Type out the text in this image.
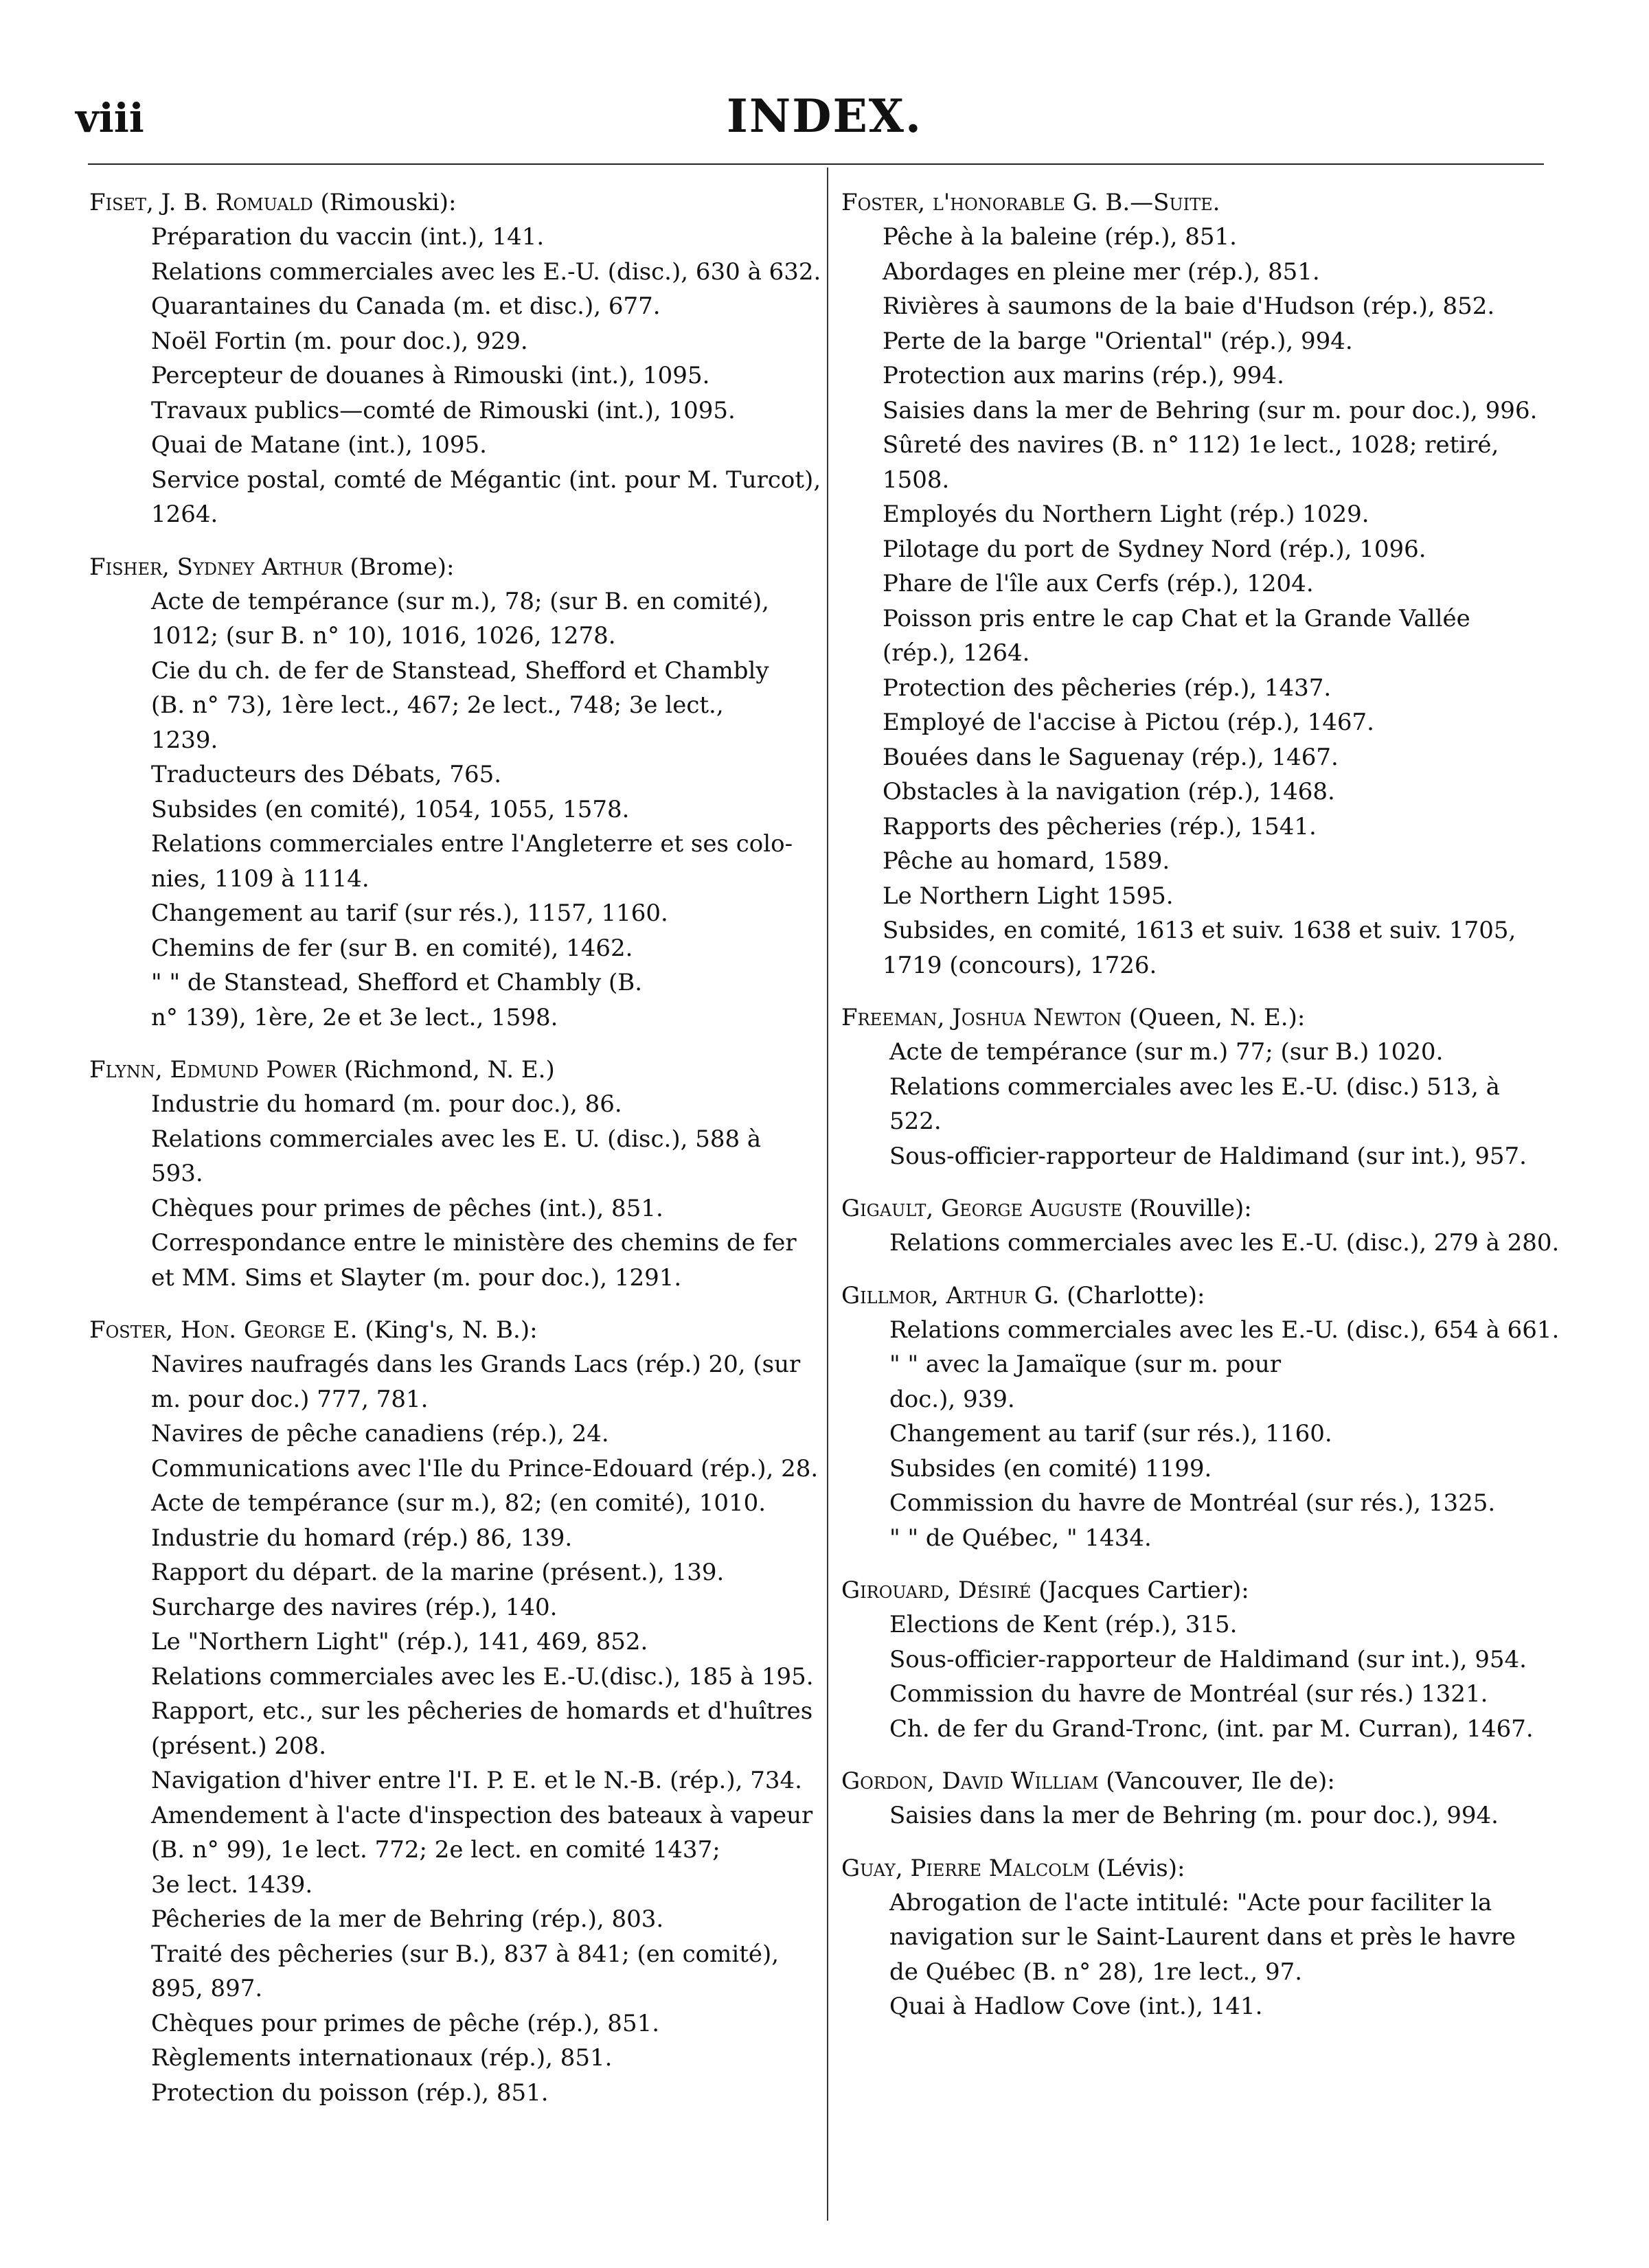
viii	INDEX.
Fiset, J. B. Romuald (Rimouski):
Préparation du vaccin (int.), 141.
Relations commerciales avec les E.-U. (disc.), 630 à 632.
Quarantaines du Canada (m. et disc.), 677.
Noël Fortin (m. pour doc.), 929.
Percepteur de douanes à Rimouski (int.), 1095.
Travaux publics—comté de Rimouski (int.), 1095.
Quai de Matane (int.), 1095.
Service postal, comté de Mégantic (int. pour M. Turcot),
1264.
Fisher, Sydney Arthur (Brome):
Acte de tempérance (sur m.), 78; (sur B. en comité),
1012; (sur B. n° 10), 1016, 1026, 1278.
Cie du ch. de fer de Stanstead, Shefford et Chambly
(B. n° 73), 1ère lect., 467; 2e lect., 748; 3e lect.,
1239.
Traducteurs des Débats, 765.
Subsides (en comité), 1054, 1055, 1578.
Relations commerciales entre l'Angleterre et ses colo-
nies, 1109 à 1114.
Changement au tarif (sur rés.), 1157, 1160.
Chemins de fer (sur B. en comité), 1462.
" " de Stanstead, Shefford et Chambly (B.
n° 139), 1ère, 2e et 3e lect., 1598.
Flynn, Edmund Power (Richmond, N. E.)
Industrie du homard (m. pour doc.), 86.
Relations commerciales avec les E. U. (disc.), 588 à
593.
Chèques pour primes de pêches (int.), 851.
Correspondance entre le ministère des chemins de fer
et MM. Sims et Slayter (m. pour doc.), 1291.
Foster, Hon. George E. (King's, N. B.):
Navires naufragés dans les Grands Lacs (rép.) 20, (sur
m. pour doc.) 777, 781.
Navires de pêche canadiens (rép.), 24.
Communications avec l'Ile du Prince-Edouard (rép.), 28.
Acte de tempérance (sur m.), 82; (en comité), 1010.
Industrie du homard (rép.) 86, 139.
Rapport du départ. de la marine (présent.), 139.
Surcharge des navires (rép.), 140.
Le "Northern Light" (rép.), 141, 469, 852.
Relations commerciales avec les E.-U.(disc.), 185 à 195.
Rapport, etc., sur les pêcheries de homards et d'huîtres
(présent.) 208.
Navigation d'hiver entre l'I. P. E. et le N.-B. (rép.), 734.
Amendement à l'acte d'inspection des bateaux à vapeur
(B. n° 99), 1e lect. 772; 2e lect. en comité 1437;
3e lect. 1439.
Pêcheries de la mer de Behring (rép.), 803.
Traité des pêcheries (sur B.), 837 à 841; (en comité),
895, 897.
Chèques pour primes de pêche (rép.), 851.
Règlements internationaux (rép.), 851.
Protection du poisson (rép.), 851.
Foster, l'honorable G. B.—Suite.
Pêche à la baleine (rép.), 851.
Abordages en pleine mer (rép.), 851.
Rivières à saumons de la baie d'Hudson (rép.), 852.
Perte de la barge "Oriental" (rép.), 994.
Protection aux marins (rép.), 994.
Saisies dans la mer de Behring (sur m. pour doc.), 996.
Sûreté des navires (B. n° 112) 1e lect., 1028; retiré,
1508.
Employés du Northern Light (rép.) 1029.
Pilotage du port de Sydney Nord (rép.), 1096.
Phare de l'île aux Cerfs (rép.), 1204.
Poisson pris entre le cap Chat et la Grande Vallée
(rép.), 1264.
Protection des pêcheries (rép.), 1437.
Employé de l'accise à Pictou (rép.), 1467.
Bouées dans le Saguenay (rép.), 1467.
Obstacles à la navigation (rép.), 1468.
Rapports des pêcheries (rép.), 1541.
Pêche au homard, 1589.
Le Northern Light 1595.
Subsides, en comité, 1613 et suiv. 1638 et suiv. 1705,
1719 (concours), 1726.
Freeman, Joshua Newton (Queen, N. E.):
Acte de tempérance (sur m.) 77; (sur B.) 1020.
Relations commerciales avec les E.-U. (disc.) 513, à
522.
Sous-officier-rapporteur de Haldimand (sur int.), 957.
Gigault, George Auguste (Rouville):
Relations commerciales avec les E.-U. (disc.), 279 à 280.
Gillmor, Arthur G. (Charlotte):
Relations commerciales avec les E.-U. (disc.), 654 à 661.
" " avec la Jamaïque (sur m. pour
doc.), 939.
Changement au tarif (sur rés.), 1160.
Subsides (en comité) 1199.
Commission du havre de Montréal (sur rés.), 1325.
" " de Québec, " 1434.
Girouard, Désiré (Jacques Cartier):
Elections de Kent (rép.), 315.
Sous-officier-rapporteur de Haldimand (sur int.), 954.
Commission du havre de Montréal (sur rés.) 1321.
Ch. de fer du Grand-Tronc, (int. par M. Curran), 1467.
Gordon, David William (Vancouver, Ile de):
Saisies dans la mer de Behring (m. pour doc.), 994.
Guay, Pierre Malcolm (Lévis):
Abrogation de l'acte intitulé: "Acte pour faciliter la
navigation sur le Saint-Laurent dans et près le havre
de Québec (B. n° 28), 1re lect., 97.
Quai à Hadlow Cove (int.), 141.
